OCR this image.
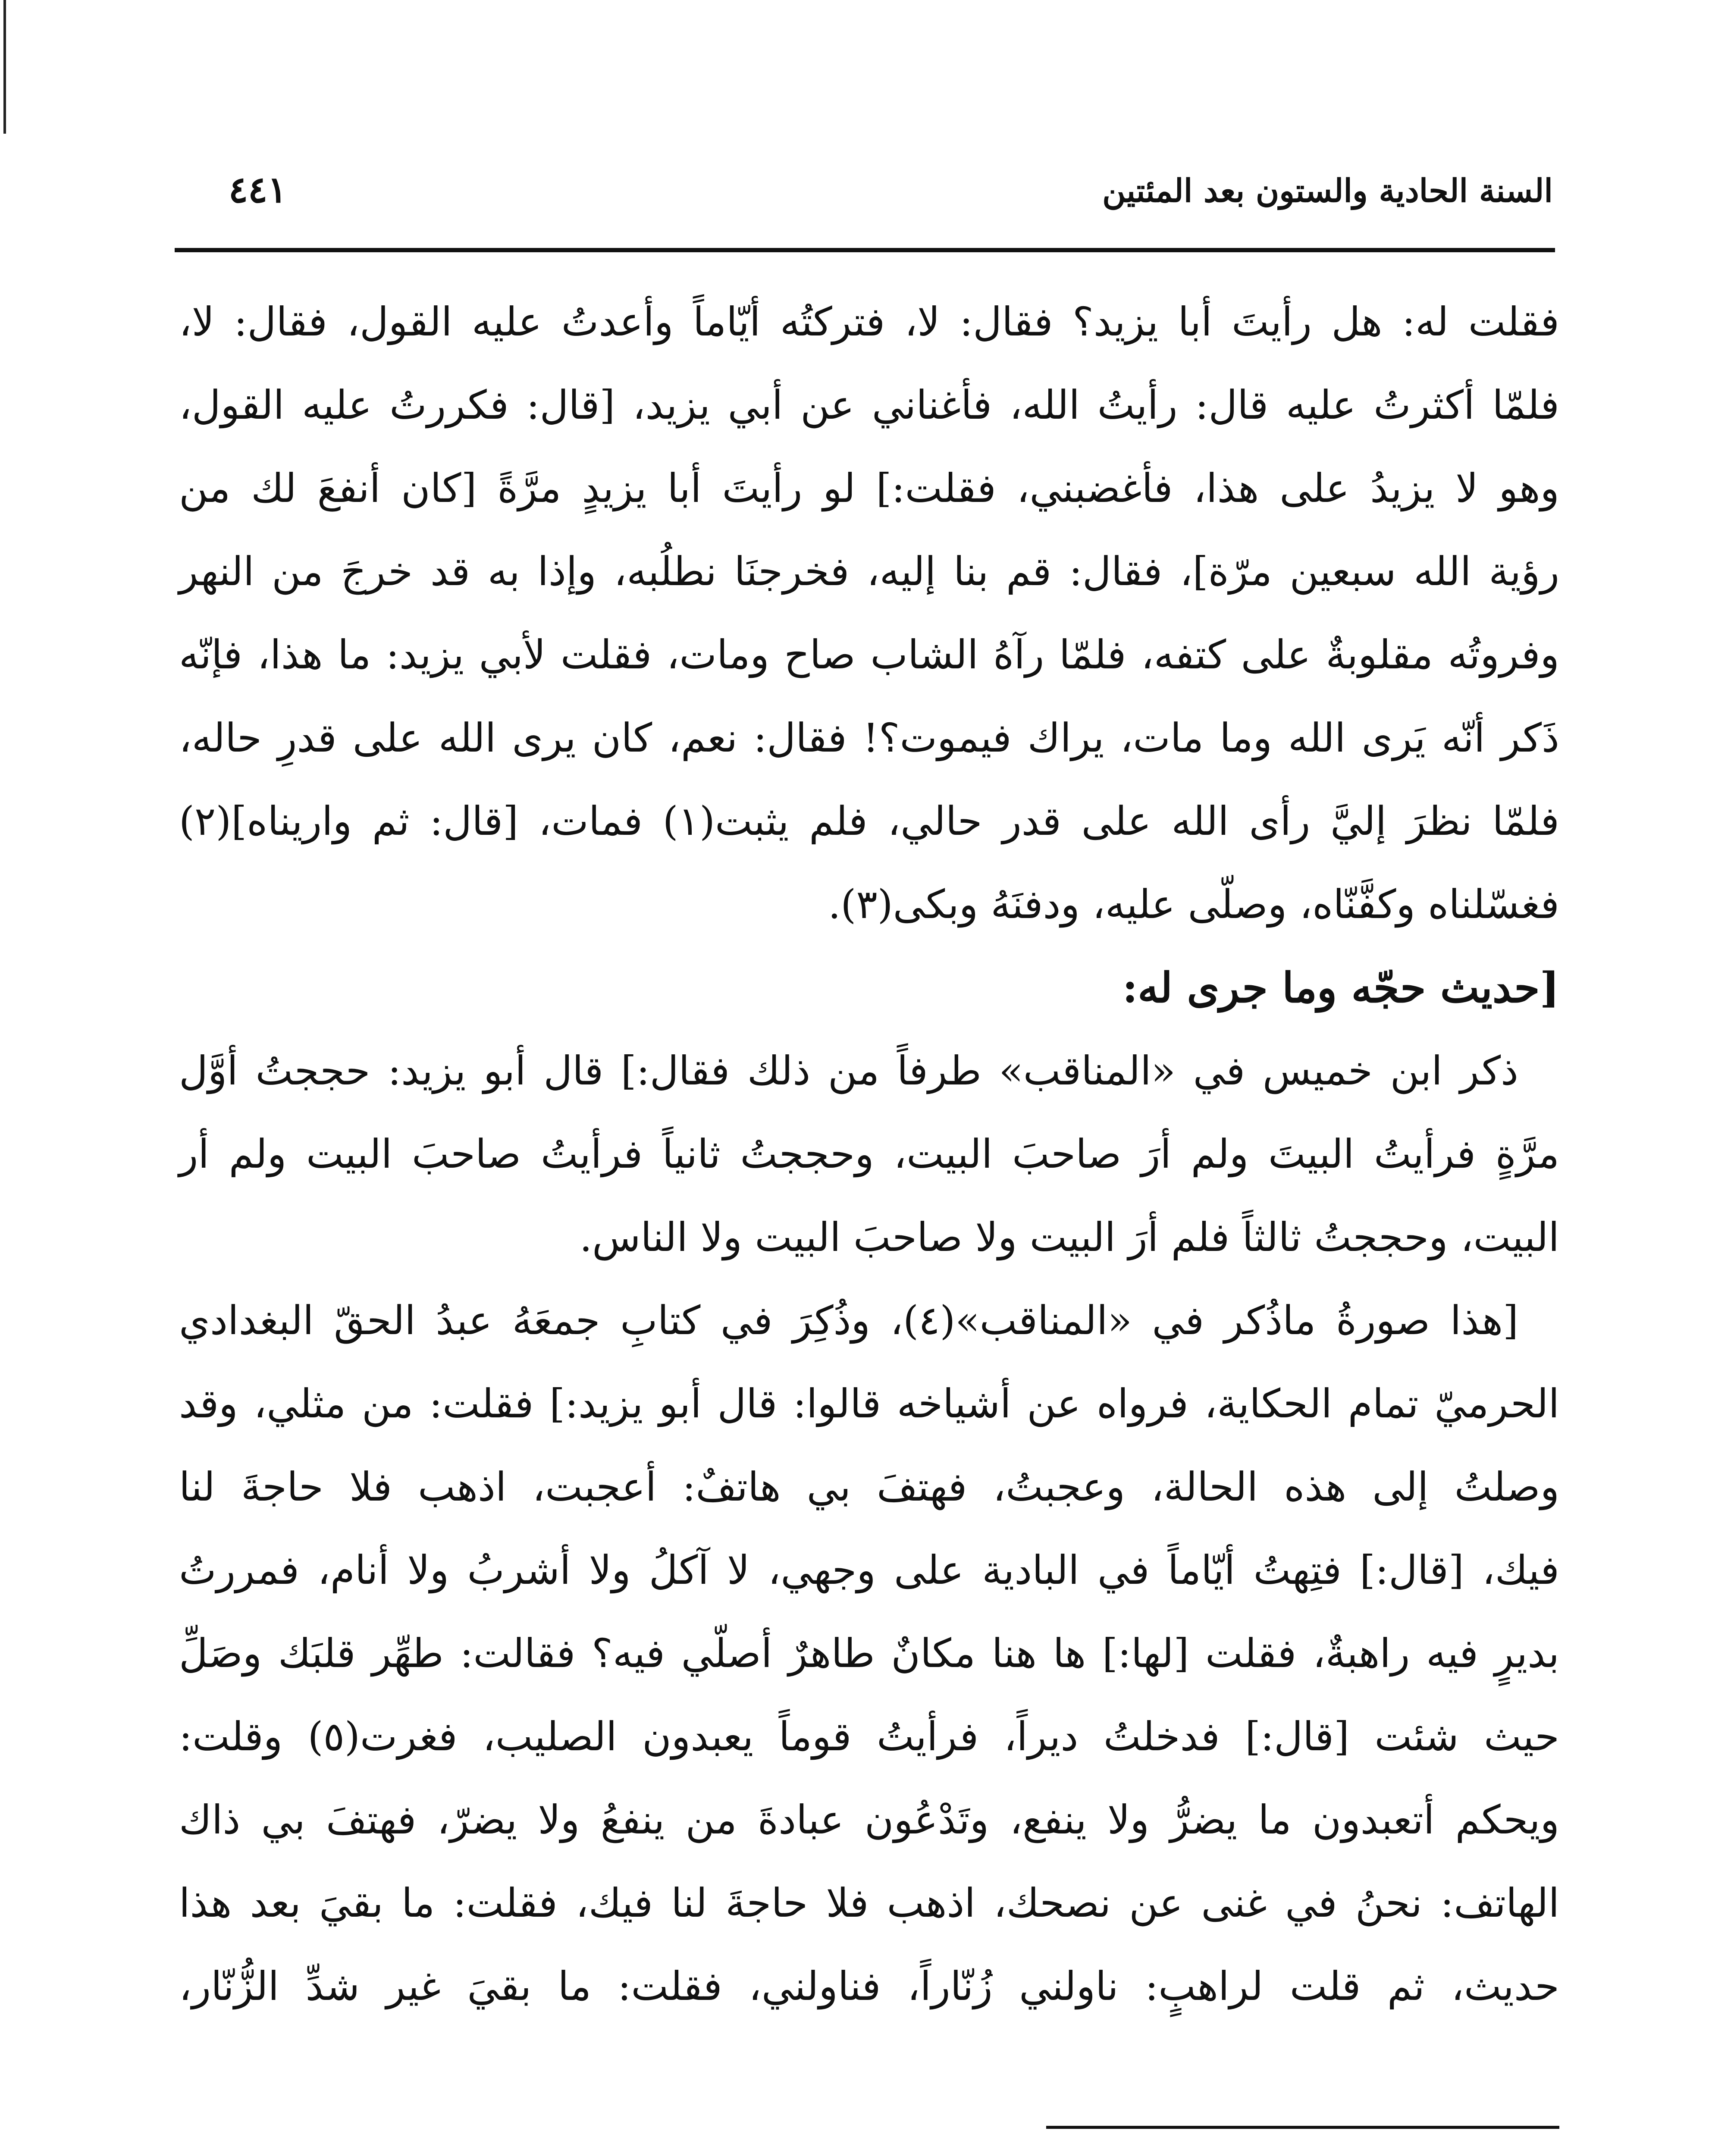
السنة الحادية والستون بعد المئتين
٤٤١

فقلت له: هل رأيتَ أبا يزيد؟ فقال: لا، فتركتُه أيّاماً وأعدتُ عليه القول، فقال: لا،
فلمّا أكثرتُ عليه قال: رأيتُ الله، فأغناني عن أبي يزيد، [قال: فكررتُ عليه القول،
وهو لا يزيدُ على هذا، فأغضبني، فقلت:] لو رأيتَ أبا يزيدٍ مرَّةً [كان أنفعَ لك من
رؤية الله سبعين مرّة]، فقال: قم بنا إليه، فخرجنَا نطلُبه، وإذا به قد خرجَ من النهر
وفروتُه مقلوبةٌ على كتفه، فلمّا رآهُ الشاب صاح ومات، فقلت لأبي يزيد: ما هذا، فإنّه
ذَكر أنّه يَرى الله وما مات، يراك فيموت؟! فقال: نعم، كان يرى الله على قدرِ حاله،
فلمّا نظرَ إليَّ رأى الله على قدر حالي، فلم يثبت(١) فمات، [قال: ثم واريناه](٢)
فغسّلناه وكفَّنّاه، وصلّى عليه، ودفنَهُ وبكى(٣).

[حديث حجّه وما جرى له:

ذكر ابن خميس في «المناقب» طرفاً من ذلك فقال:] قال أبو يزيد: حججتُ أوَّل
مرَّةٍ فرأيتُ البيتَ ولم أرَ صاحبَ البيت، وحججتُ ثانياً فرأيتُ صاحبَ البيت ولم أر
البيت، وحججتُ ثالثاً فلم أرَ البيت ولا صاحبَ البيت ولا الناس.

[هذا صورةُ ماذُكر في «المناقب»(٤)، وذُكِرَ في كتابِ جمعَهُ عبدُ الحقّ البغدادي
الحرميّ تمام الحكاية، فرواه عن أشياخه قالوا: قال أبو يزيد:] فقلت: من مثلي، وقد
وصلتُ إلى هذه الحالة، وعجبتُ، فهتفَ بي هاتفٌ: أعجبت، اذهب فلا حاجةَ لنا
فيك، [قال:] فتِهتُ أيّاماً في البادية على وجهي، لا آكلُ ولا أشربُ ولا أنام، فمررتُ
بديرٍ فيه راهبةٌ، فقلت [لها:] ها هنا مكانٌ طاهرٌ أصلّي فيه؟ فقالت: طهِّر قلبَك وصَلِّ
حيث شئت [قال:] فدخلتُ ديراً، فرأيتُ قوماً يعبدون الصليب، فغرت(٥) وقلت:
ويحكم أتعبدون ما يضرُّ ولا ينفع، وتَدْعُون عبادةَ من ينفعُ ولا يضرّ، فهتفَ بي ذاك
الهاتف: نحنُ في غنى عن نصحك، اذهب فلا حاجةَ لنا فيك، فقلت: ما بقيَ بعد هذا
حديث، ثم قلت لراهبٍ: ناولني زُنّاراً، فناولني، فقلت: ما بقيَ غير شدِّ الزُّنّار،
